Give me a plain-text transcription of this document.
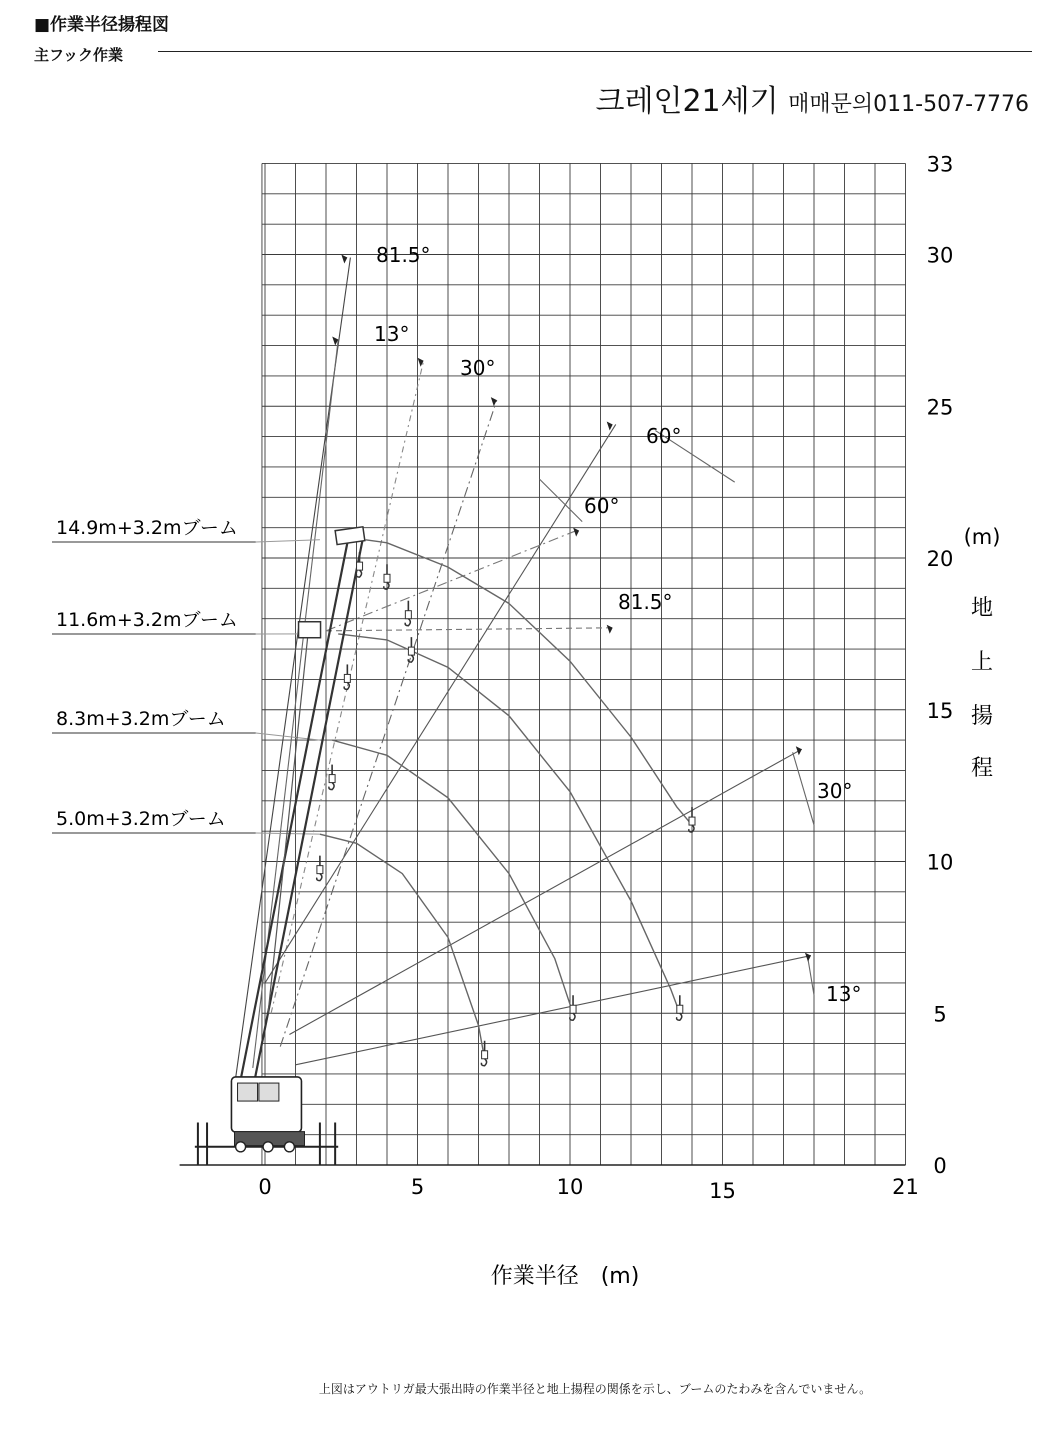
■作業半径揚程図
主フック作業
크레인21세기 매매문의011-507-7776
作業半径　(m)
(m)
地
上
揚
程
14.9m+3.2mブーム
11.6m+3.2mブーム
8.3m+3.2mブーム
5.0m+3.2mブーム
81.5°
13°
30°
60°
60°
81.5°
30°
13°
0	5	10	15	21
0
5
10
15
20
25
30
33
上図はアウトリガ最大張出時の作業半径と地上揚程の関係を示し、ブームのたわみを含んでいません。
